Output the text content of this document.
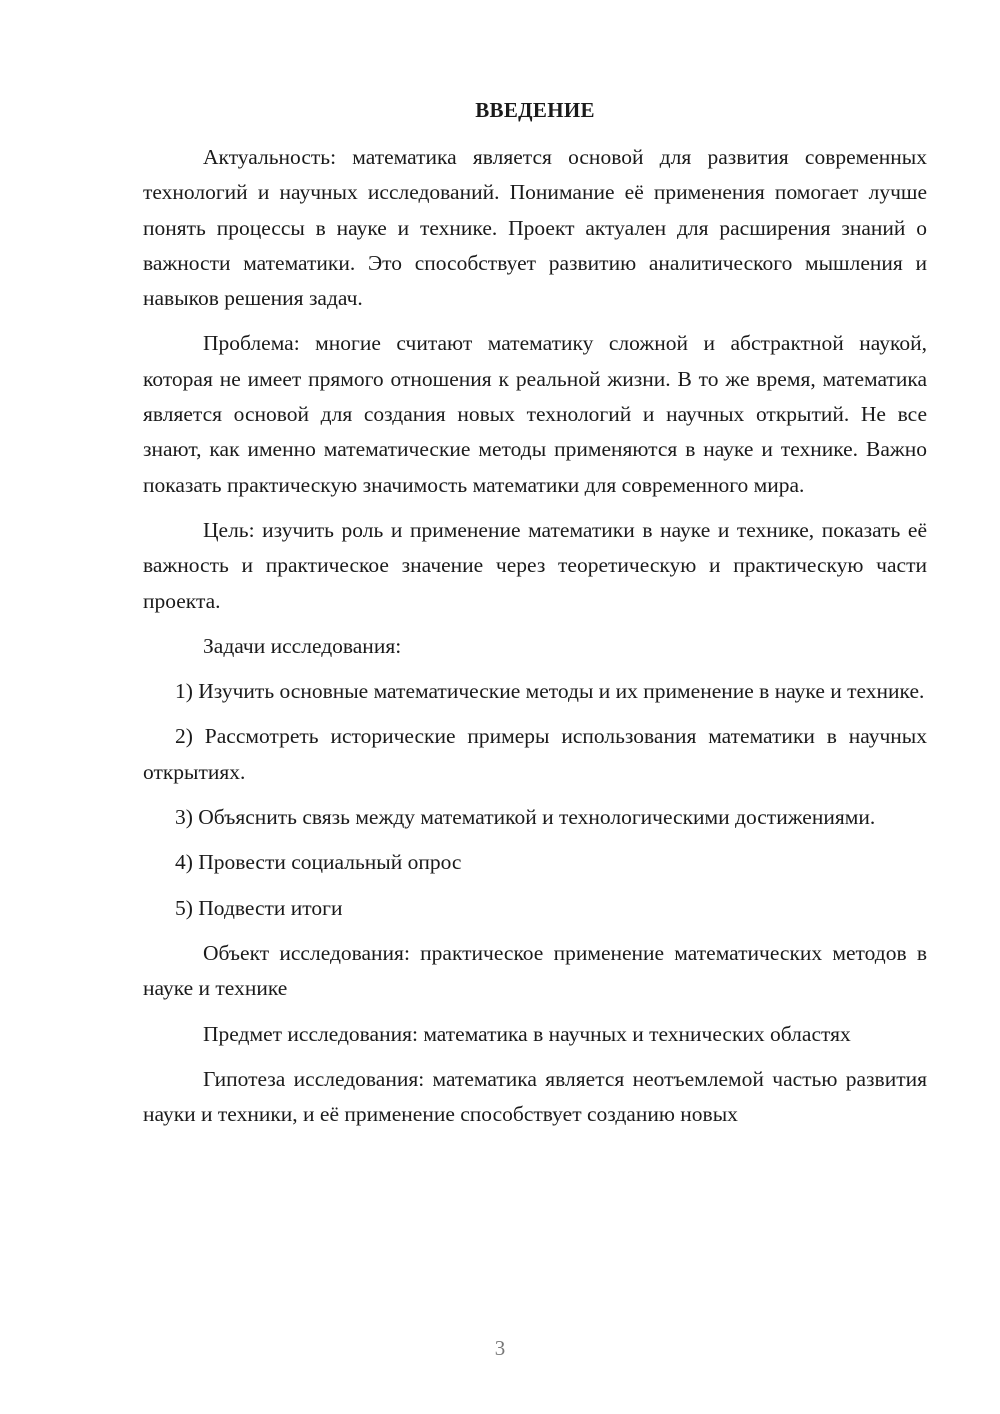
ВВЕДЕНИЕ

Актуальность: математика является основой для развития современных технологий и научных исследований. Понимание её применения помогает лучше понять процессы в науке и технике. Проект актуален для расширения знаний о важности математики. Это способствует развитию аналитического мышления и навыков решения задач.

Проблема: многие считают математику сложной и абстрактной наукой, которая не имеет прямого отношения к реальной жизни. В то же время, математика является основой для создания новых технологий и научных открытий. Не все знают, как именно математические методы применяются в науке и технике. Важно показать практическую значимость математики для современного мира.

Цель: изучить роль и применение математики в науке и технике, показать её важность и практическое значение через теоретическую и практическую части проекта.

Задачи исследования:

1) Изучить основные математические методы и их применение в науке и технике.

2) Рассмотреть исторические примеры использования математики в научных открытиях.

3) Объяснить связь между математикой и технологическими достижениями.

4) Провести социальный опрос

5) Подвести итоги

Объект исследования: практическое применение математических методов в науке и технике

Предмет исследования: математика в научных и технических областях

Гипотеза исследования: математика является неотъемлемой частью развития науки и техники, и её применение способствует созданию новых

3
